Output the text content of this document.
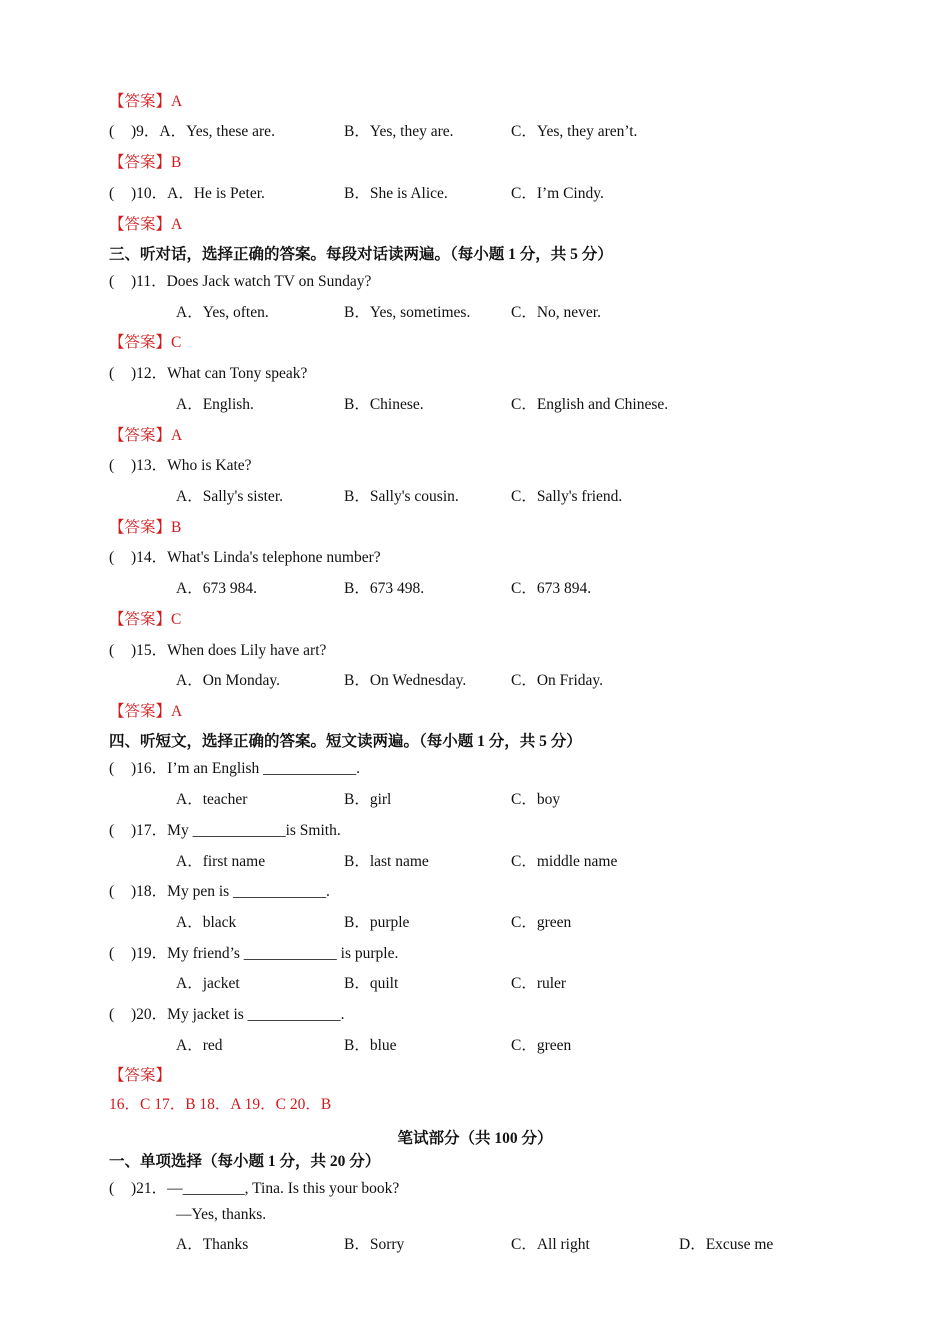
【答案】A
( )9．A．Yes, these are.	B．Yes, they are.	C．Yes, they aren’t.
【答案】B
( )10．A．He is Peter.	B．She is Alice.	C．I’m Cindy.
【答案】A
三、听对话，选择正确的答案。每段对话读两遍。（每小题 1 分，共 5 分）
( )11．Does Jack watch TV on Sunday?
A．Yes, often.	B．Yes, sometimes.	C．No, never.
【答案】C
( )12．What can Tony speak?
A．English.	B．Chinese.	C．English and Chinese.
【答案】A
( )13．Who is Kate?
A．Sally's sister.	B．Sally's cousin.	C．Sally's friend.
【答案】B
( )14．What's Linda's telephone number?
A．673 984.	B．673 498.	C．673 894.
【答案】C
( )15．When does Lily have art?
A．On Monday.	B．On Wednesday.	C．On Friday.
【答案】A
四、听短文，选择正确的答案。短文读两遍。（每小题 1 分，共 5 分）
( )16．I’m an English ____________.
A．teacher	B．girl	C．boy
( )17．My ____________is Smith.
A．first name	B．last name	C．middle name
( )18．My pen is ____________.
A．black	B．purple	C．green
( )19．My friend’s ____________ is purple.
A．jacket	B．quilt	C．ruler
( )20．My jacket is ____________.
A．red	B．blue	C．green
【答案】
16．C 17．B 18．A 19．C 20．B
笔试部分（共 100 分）
一、单项选择（每小题 1 分，共 20 分）
( )21．—________, Tina. Is this your book?
—Yes, thanks.
A．Thanks	B．Sorry	C．All right	D．Excuse me
